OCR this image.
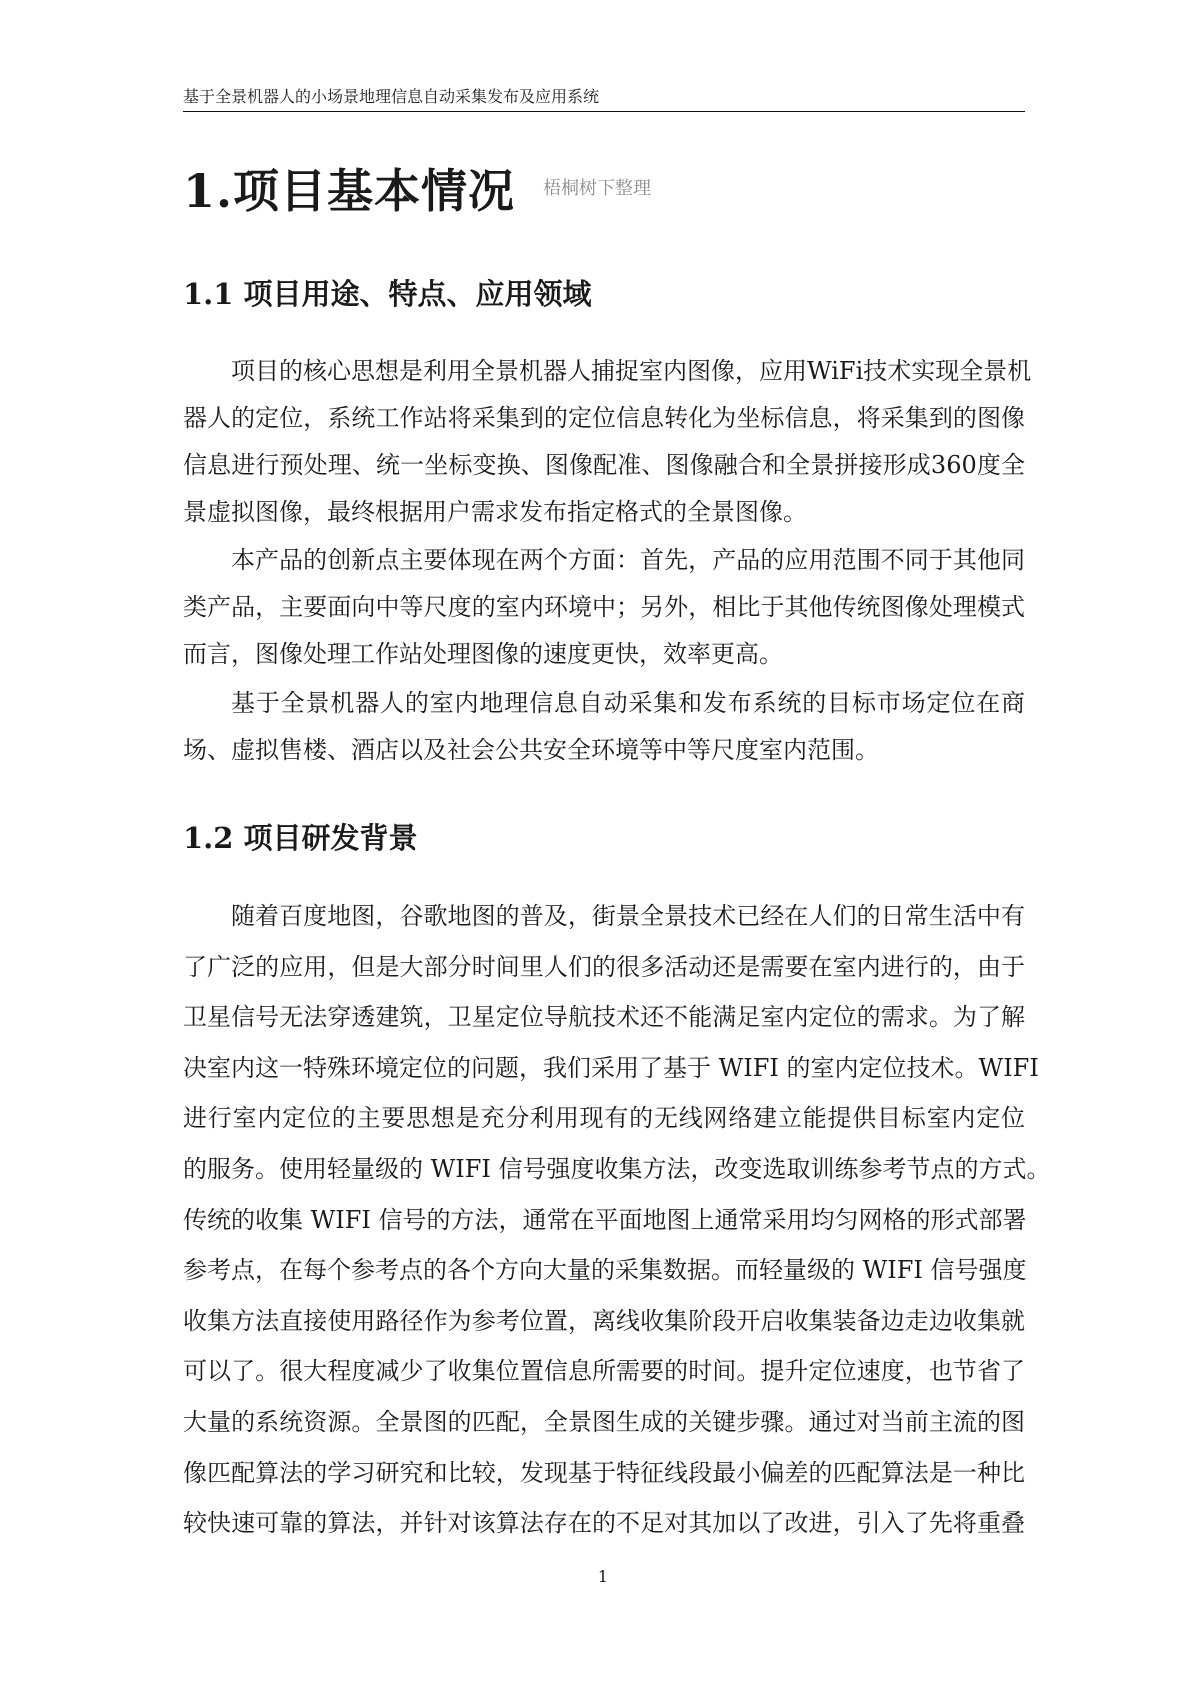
基于全景机器人的小场景地理信息自动采集发布及应用系统
1.项目基本情况 梧桐树下整理
1.1 项目用途、特点、应用领域
项目的核心思想是利用全景机器人捕捉室内图像，应用WiFi技术实现全景机
器人的定位，系统工作站将采集到的定位信息转化为坐标信息，将采集到的图像
信息进行预处理、统一坐标变换、图像配准、图像融合和全景拼接形成360度全
景虚拟图像，最终根据用户需求发布指定格式的全景图像。
本产品的创新点主要体现在两个方面：首先，产品的应用范围不同于其他同
类产品，主要面向中等尺度的室内环境中；另外，相比于其他传统图像处理模式
而言，图像处理工作站处理图像的速度更快，效率更高。
基于全景机器人的室内地理信息自动采集和发布系统的目标市场定位在商
场、虚拟售楼、酒店以及社会公共安全环境等中等尺度室内范围。
1.2 项目研发背景
随着百度地图，谷歌地图的普及，街景全景技术已经在人们的日常生活中有
了广泛的应用，但是大部分时间里人们的很多活动还是需要在室内进行的，由于
卫星信号无法穿透建筑，卫星定位导航技术还不能满足室内定位的需求。为了解
决室内这一特殊环境定位的问题，我们采用了基于 WIFI 的室内定位技术。WIFI
进行室内定位的主要思想是充分利用现有的无线网络建立能提供目标室内定位
的服务。使用轻量级的 WIFI 信号强度收集方法，改变选取训练参考节点的方式。
传统的收集 WIFI 信号的方法，通常在平面地图上通常采用均匀网格的形式部署
参考点，在每个参考点的各个方向大量的采集数据。而轻量级的 WIFI 信号强度
收集方法直接使用路径作为参考位置，离线收集阶段开启收集装备边走边收集就
可以了。很大程度减少了收集位置信息所需要的时间。提升定位速度，也节省了
大量的系统资源。全景图的匹配，全景图生成的关键步骤。通过对当前主流的图
像匹配算法的学习研究和比较，发现基于特征线段最小偏差的匹配算法是一种比
较快速可靠的算法，并针对该算法存在的不足对其加以了改进，引入了先将重叠
1
